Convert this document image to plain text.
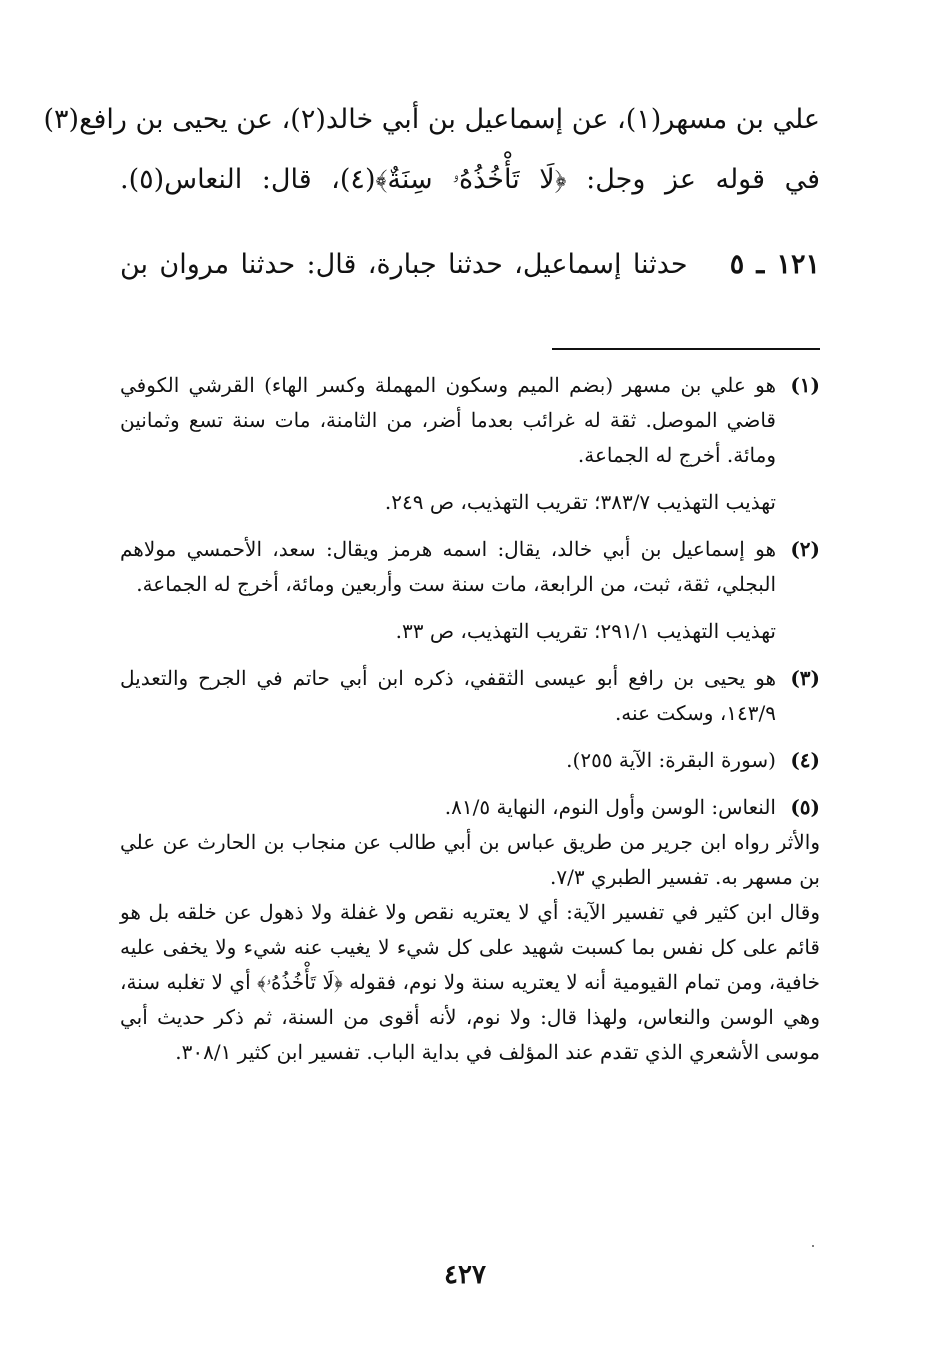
علي بن مسهر(١)، عن إسماعيل بن أبي خالد(٢)، عن يحيى بن رافع(٣)
في قوله عز وجل: ﴿لَا تَأْخُذُهُۥ سِنَةٌ﴾(٤)، قال: النعاس(٥).
١٢١ ـ ٥ حدثنا إسماعيل، حدثنا جبارة، قال: حدثنا مروان بن
(١)
هو علي بن مسهر (بضم الميم وسكون المهملة وكسر الهاء) القرشي الكوفي قاضي الموصل. ثقة له غرائب بعدما أضر، من الثامنة، مات سنة تسع وثمانين ومائة. أخرج له الجماعة.
تهذيب التهذيب ٣٨٣/٧؛ تقريب التهذيب، ص ٢٤٩.
(٢)
هو إسماعيل بن أبي خالد، يقال: اسمه هرمز ويقال: سعد، الأحمسي مولاهم البجلي، ثقة، ثبت، من الرابعة، مات سنة ست وأربعين ومائة، أخرج له الجماعة.
تهذيب التهذيب ٢٩١/١؛ تقريب التهذيب، ص ٣٣.
(٣)
هو يحيى بن رافع أبو عيسى الثقفي، ذكره ابن أبي حاتم في الجرح والتعديل ١٤٣/٩، وسكت عنه.
(٤)
(سورة البقرة: الآية ٢٥٥).
(٥)
النعاس: الوسن وأول النوم، النهاية ٨١/٥.
والأثر رواه ابن جرير من طريق عباس بن أبي طالب عن منجاب بن الحارث عن علي بن مسهر به. تفسير الطبري ٧/٣.
وقال ابن كثير في تفسير الآية: أي لا يعتريه نقص ولا غفلة ولا ذهول عن خلقه بل هو قائم على كل نفس بما كسبت شهيد على كل شيء لا يغيب عنه شيء ولا يخفى عليه خافية، ومن تمام القيومية أنه لا يعتريه سنة ولا نوم، فقوله ﴿لَا تَأْخُذُهُۥ﴾ أي لا تغلبه سنة، وهي الوسن والنعاس، ولهذا قال: ولا نوم، لأنه أقوى من السنة، ثم ذكر حديث أبي موسى الأشعري الذي تقدم عند المؤلف في بداية الباب. تفسير ابن كثير ٣٠٨/١.
٤٢٧
